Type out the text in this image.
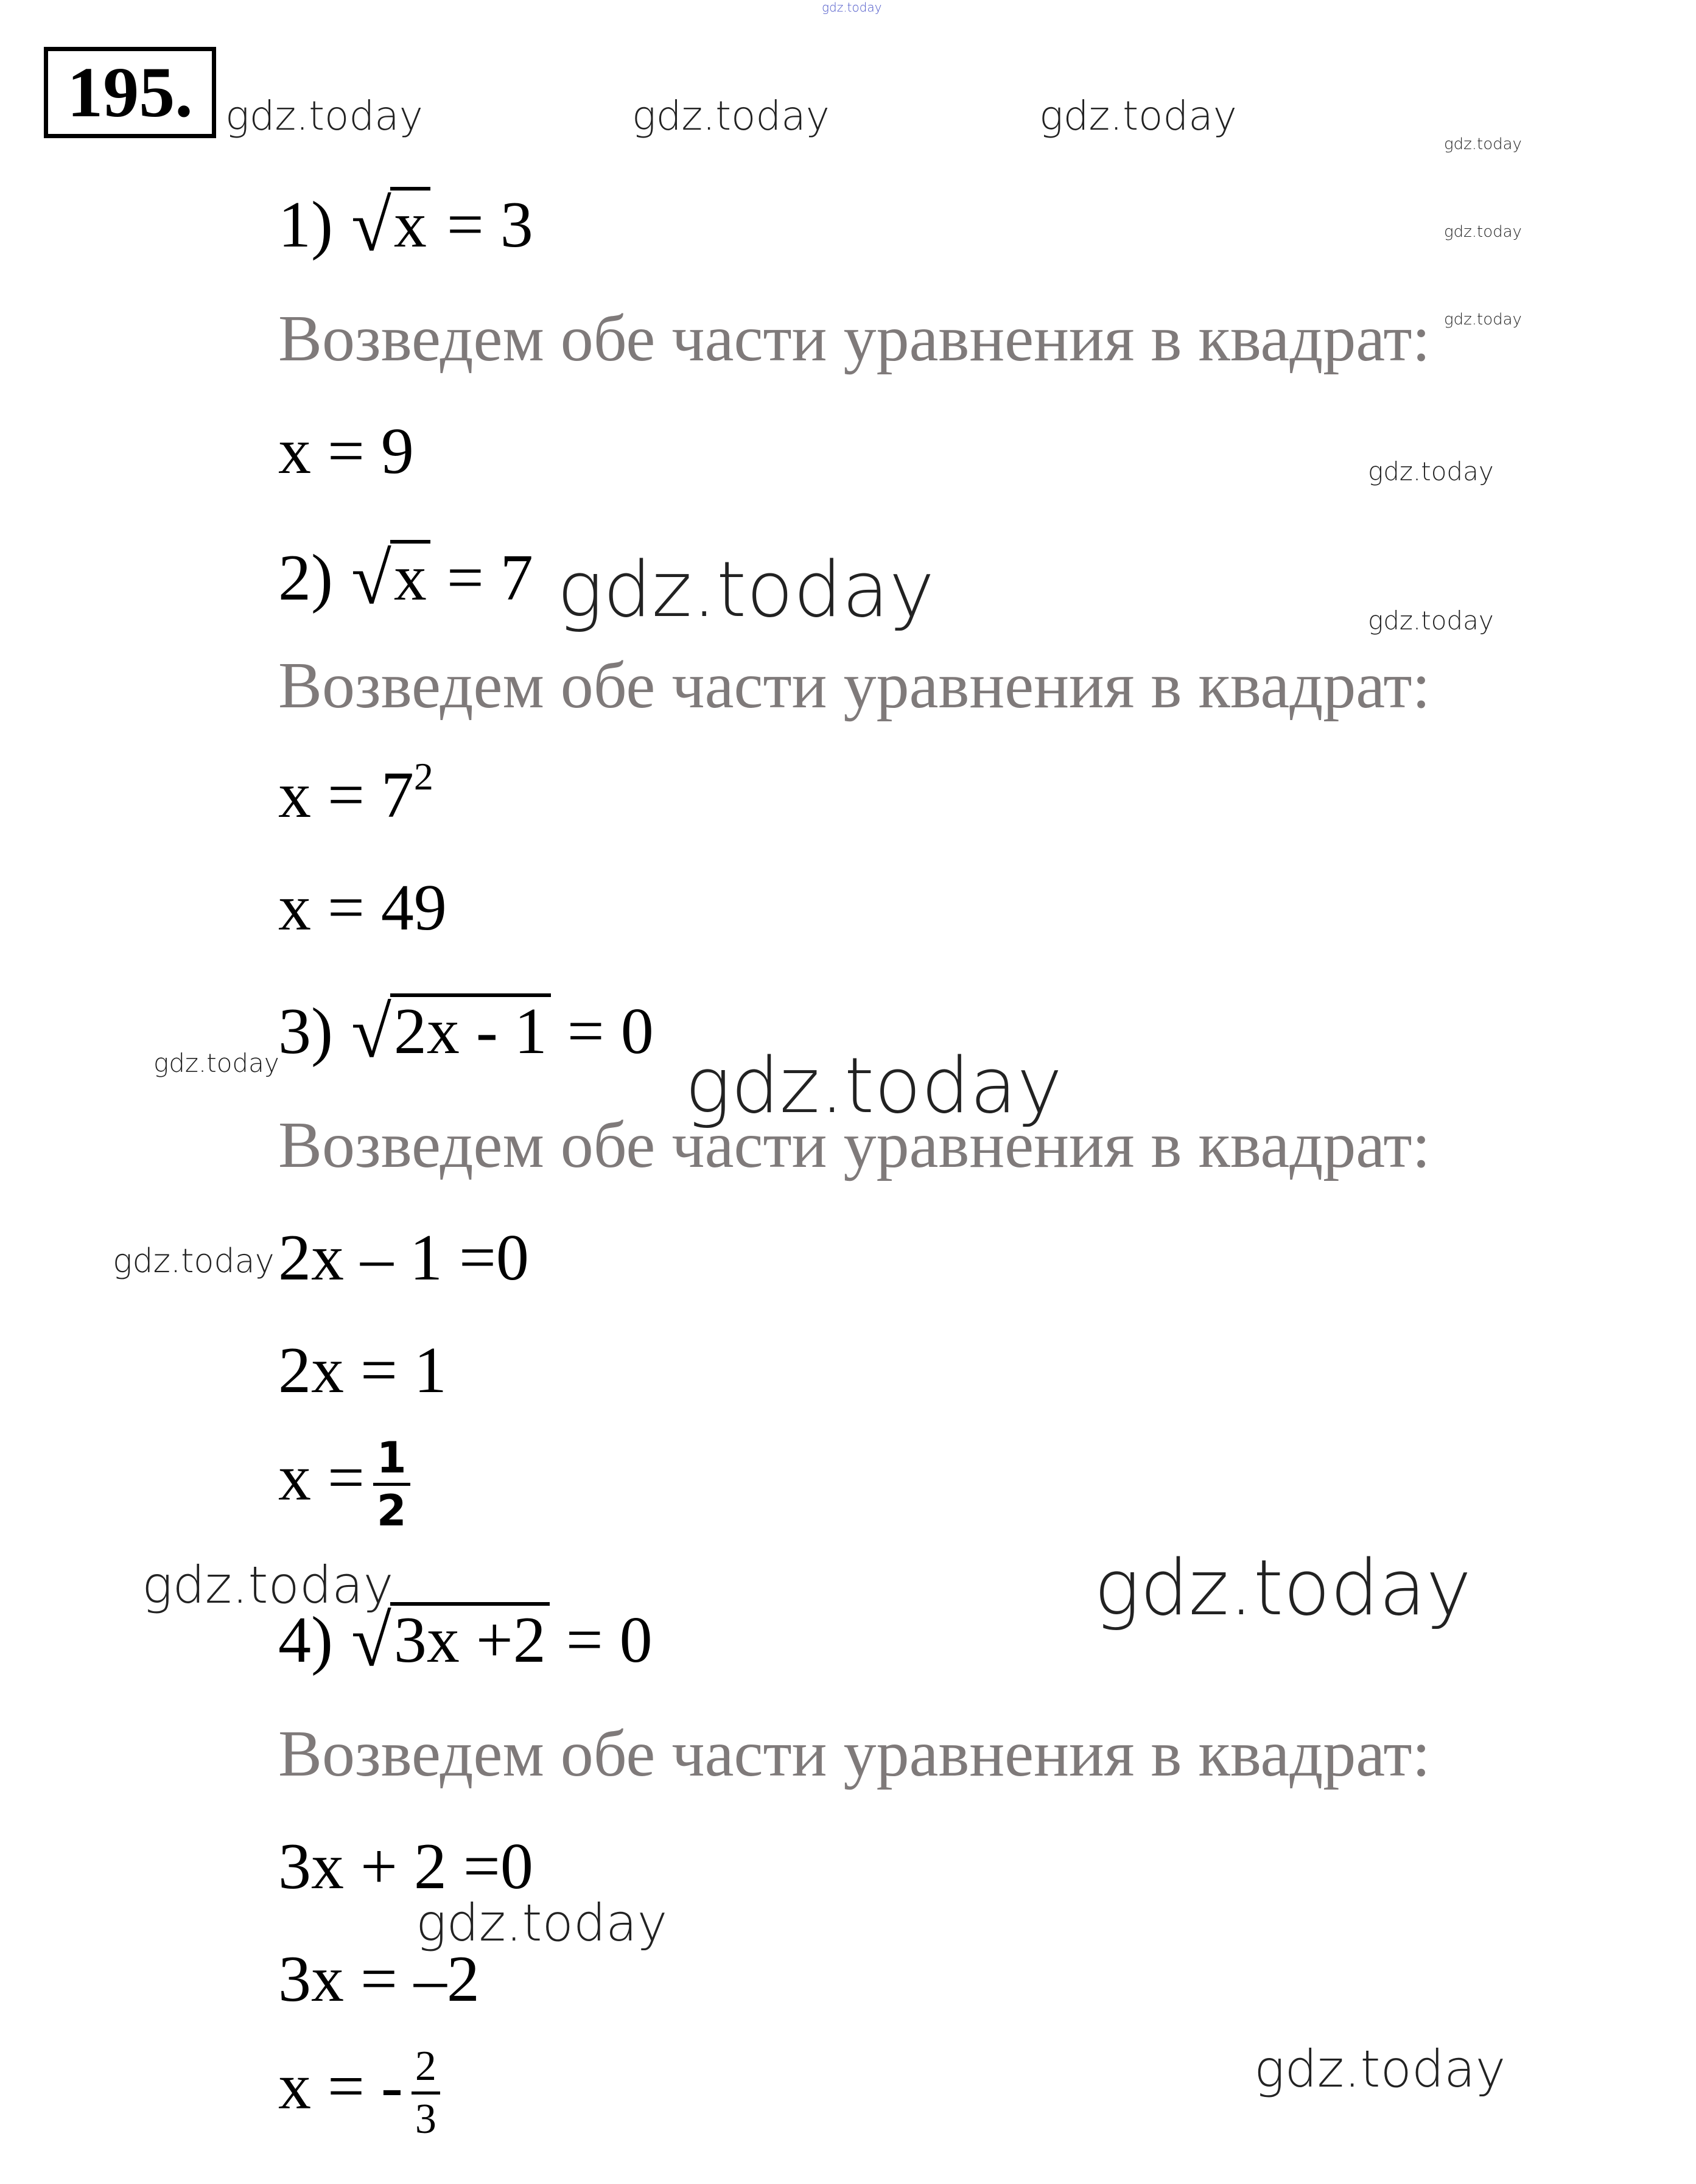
gdz.today
195. gdz.today	gdz.today	gdz.today
gdz.today
gdz.today
gdz.today
1) √x = 3
Возведем обе части уравнения в квадрат:
x = 9	gdz.today
2) √x = 7 gdz.today	gdz.today
Возведем обе части уравнения в квадрат:
$x = 7^2$
x = 49
gdz.today
3) √2x - 1 = 0
gdz.today
Возведем обе части уравнения в квадрат:
gdz.today 2x – 1 =0
2x = 1
$x = \frac{1}{2}$
gdz.today	gdz.today
4) √3x +2 = 0
Возведем обе части уравнения в квадрат:
3x + 2 =0
gdz.today
3x = –2
gdz.today
x = - $\frac{2}{3}$
